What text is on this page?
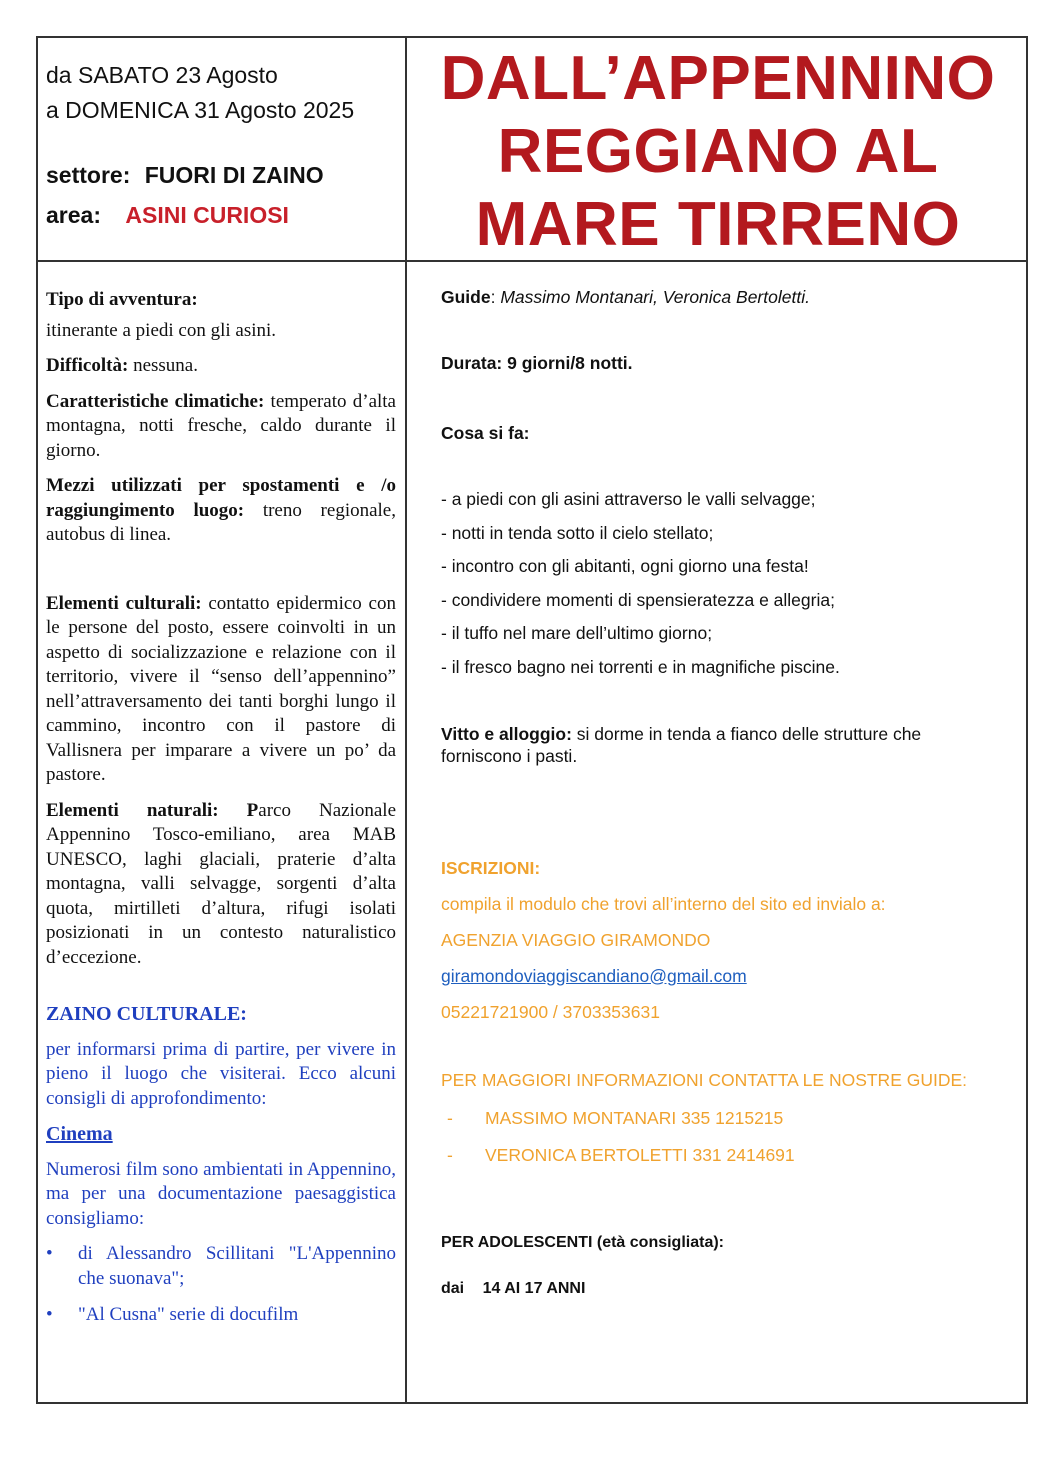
da SABATO 23 Agosto
a DOMENICA 31 Agosto 2025
settore: FUORI DI ZAINO
area: ASINI CURIOSI
DALL’APPENNINO
REGGIANO AL
MARE TIRRENO

Tipo di avventura:

itinerante a piedi con gli asini.

Difficoltà: nessuna.

Caratteristiche climatiche: temperato d’alta montagna, notti fresche, caldo durante il giorno.

Mezzi utilizzati per spostamenti e /o raggiungimento luogo: treno regionale, autobus di linea.

Elementi culturali: contatto epidermico con le persone del posto, essere coinvolti in un aspetto di socializzazione e relazione con il territorio, vivere il “senso dell’appennino” nell’attraversamento dei tanti borghi lungo il cammino, incontro con il pastore di Vallisnera per imparare a vivere un po’ da pastore.

Elementi naturali: Parco Nazionale Appennino Tosco-emiliano, area MAB UNESCO, laghi glaciali, praterie d’alta montagna, valli selvagge, sorgenti d’alta quota, mirtilleti d’altura, rifugi isolati posizionati in un contesto naturalistico d’eccezione.

ZAINO CULTURALE:

per informarsi prima di partire, per vivere in pieno il luogo che visiterai. Ecco alcuni consigli di approfondimento:

Cinema

Numerosi film sono ambientati in Appennino, ma per una documentazione paesaggistica consigliamo:

•	di Alessandro Scillitani "L'Appennino che suonava";
•	"Al Cusna" serie di docufilm

Guide: Massimo Montanari, Veronica Bertoletti.

Durata: 9 giorni/8 notti.

Cosa si fa:

- a piedi con gli asini attraverso le valli selvagge;

- notti in tenda sotto il cielo stellato;

- incontro con gli abitanti, ogni giorno una festa!

- condividere momenti di spensieratezza e allegria;

- il tuffo nel mare dell’ultimo giorno;

- il fresco bagno nei torrenti e in magnifiche piscine.

Vitto e alloggio: si dorme in tenda a fianco delle strutture che forniscono i pasti.

ISCRIZIONI:

compila il modulo che trovi all’interno del sito ed invialo a:

AGENZIA VIAGGIO GIRAMONDO

giramondoviaggiscandiano@gmail.com

05221721900 / 3703353631

PER MAGGIORI INFORMAZIONI CONTATTA LE NOSTRE GUIDE:

-	MASSIMO MONTANARI 335 1215215
-	VERONICA BERTOLETTI 331 2414691

PER ADOLESCENTI (età consigliata):

dai 14 AI 17 ANNI
